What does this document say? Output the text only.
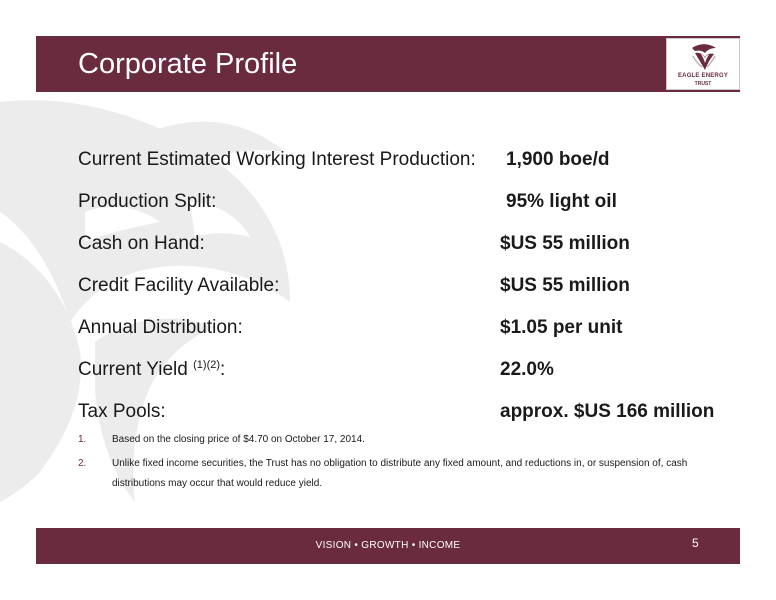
Corporate Profile	EAGLE ENERGY
TRUST
Current Estimated Working Interest Production: 1,900 boe/d
Production Split:	95% light oil
Cash on Hand:	$US 55 million
Credit Facility Available:	$US 55 million
Annual Distribution:	$1.05 per unit
Current Yield $^{(1)(2)}$:	22.0%
Tax Pools:	approx. $US 166 million
1.	Based on the closing price of $4.70 on October 17, 2014.
2.	Unlike fixed income securities, the Trust has no obligation to distribute any fixed amount, and reductions in, or suspension of, cash distributions may occur that would reduce yield.
VISION • GROWTH • INCOME	5
